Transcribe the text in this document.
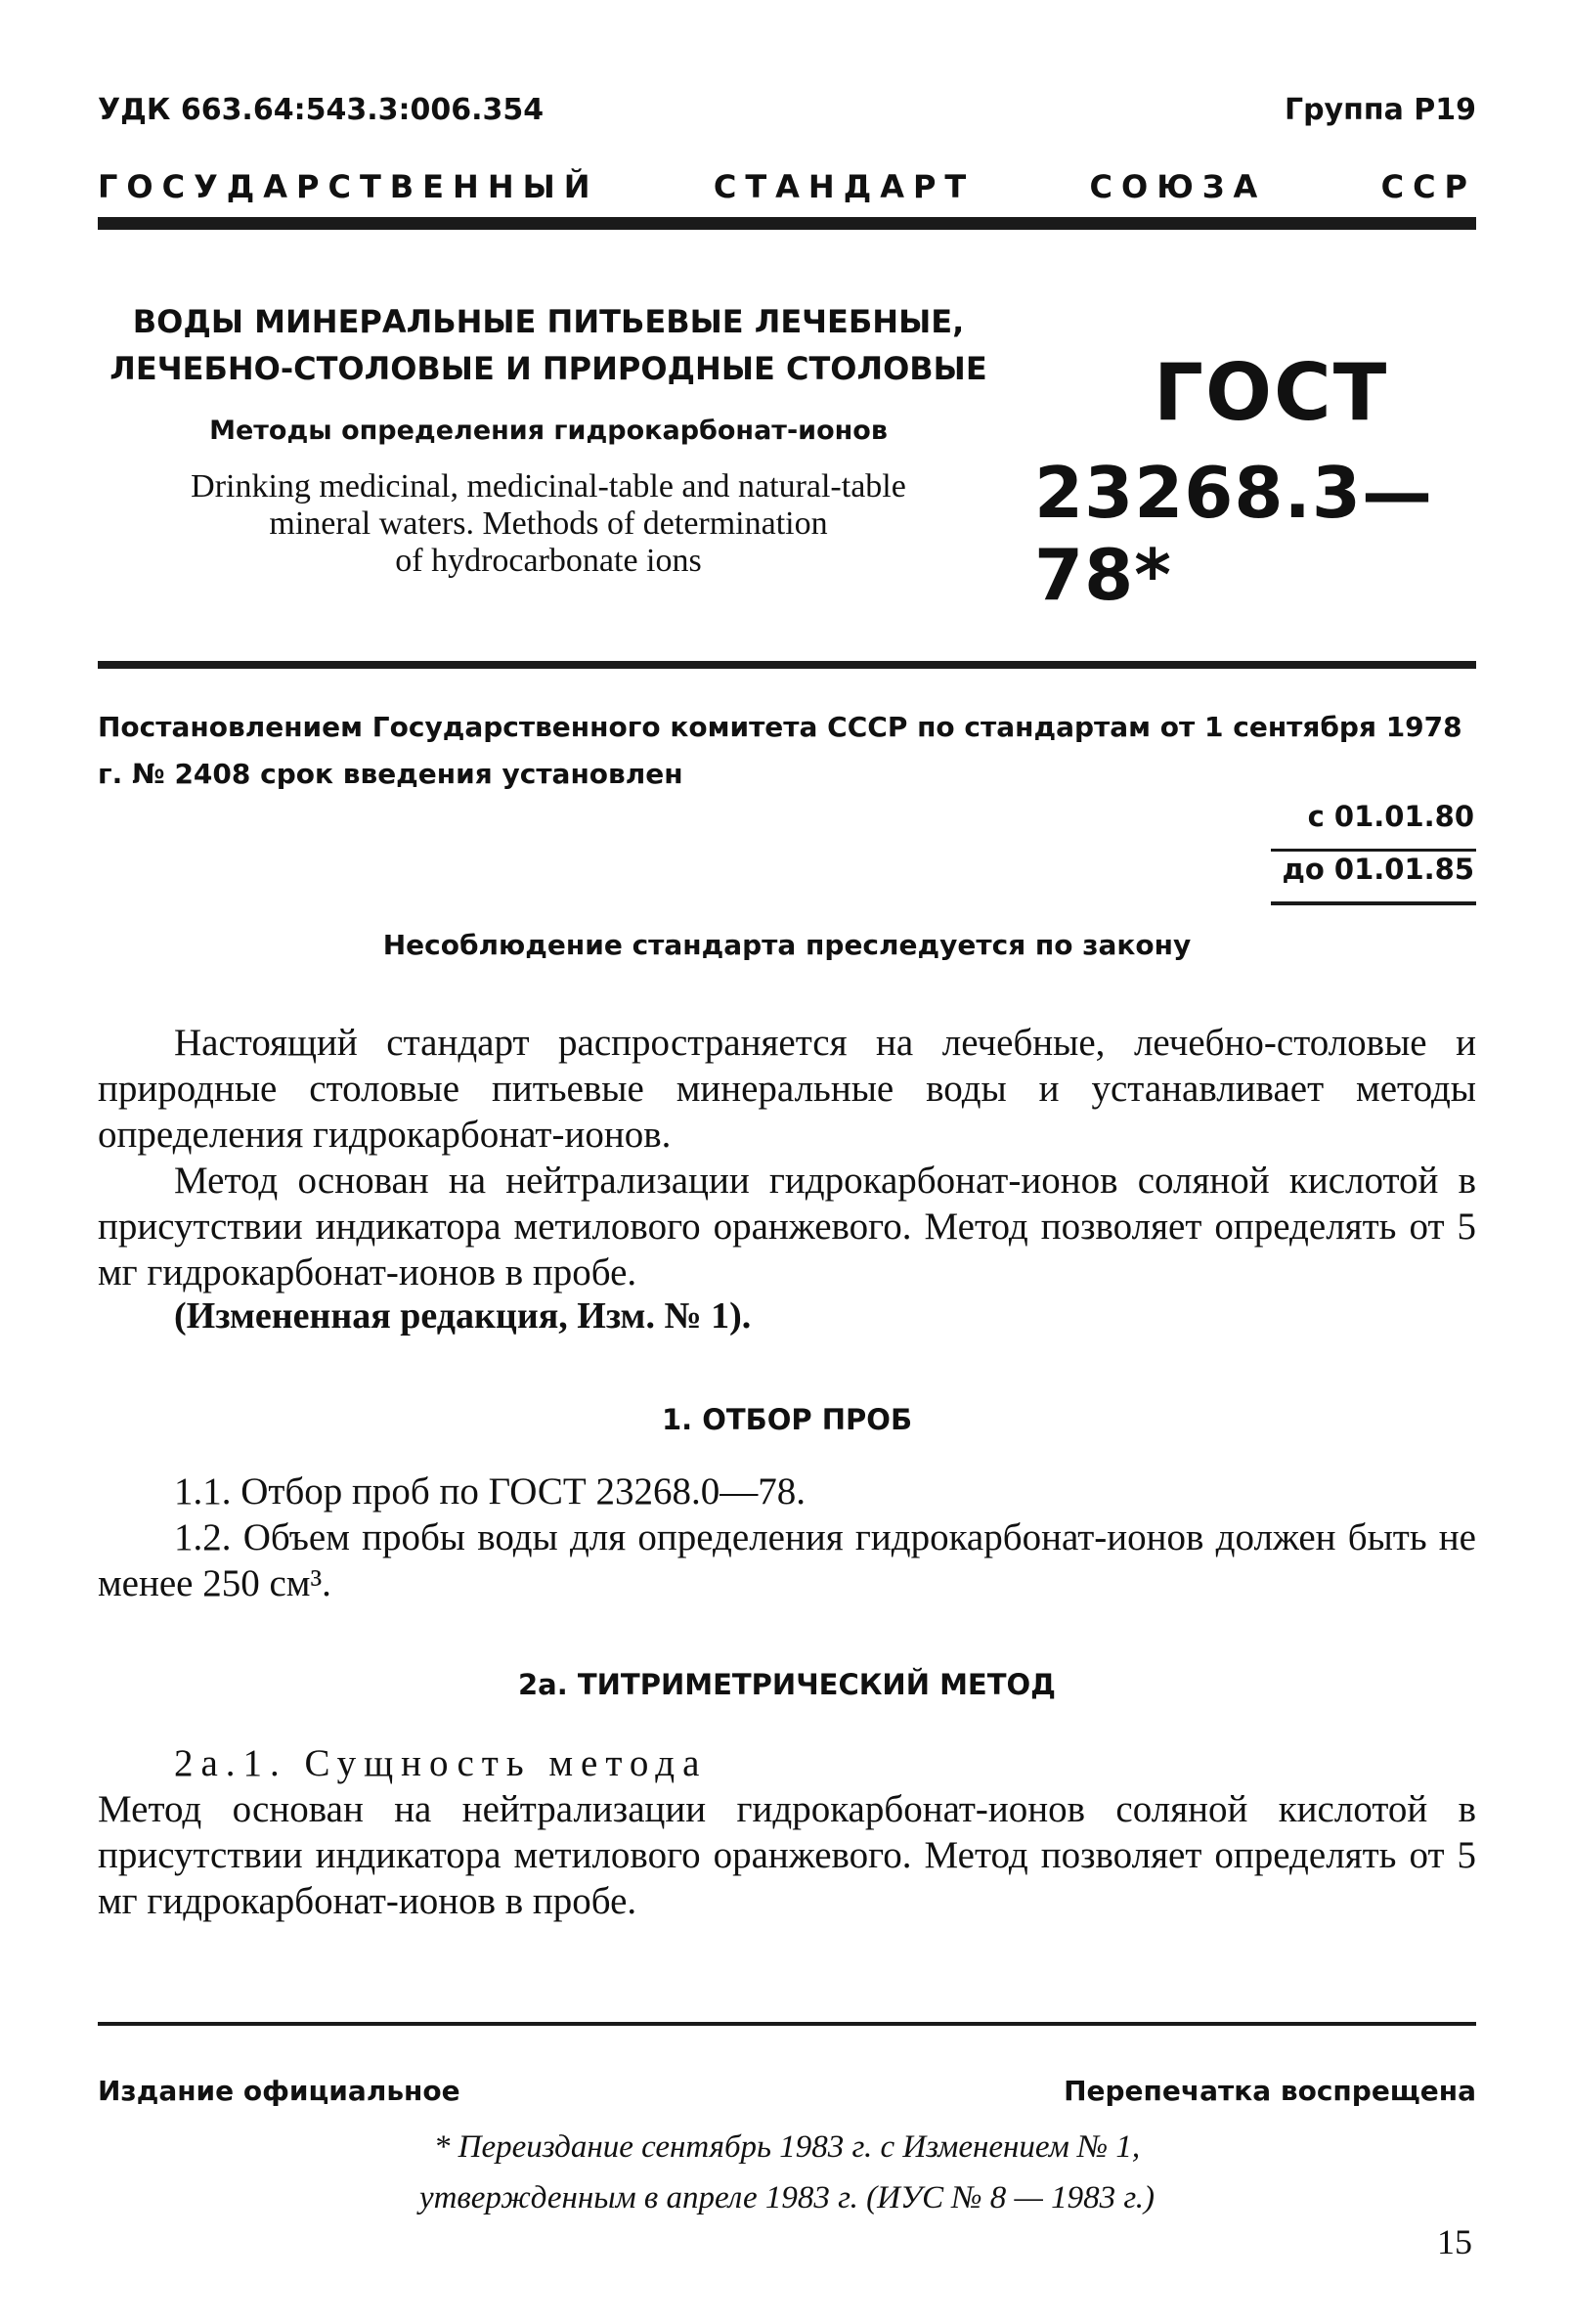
УДК 663.64:543.3:006.354	Группа Р19
ГОСУДАРСТВЕННЫЙ	СТАНДАРТ	СОЮЗА	ССР
ВОДЫ МИНЕРАЛЬНЫЕ ПИТЬЕВЫЕ ЛЕЧЕБНЫЕ,
ЛЕЧЕБНО-СТОЛОВЫЕ И ПРИРОДНЫЕ СТОЛОВЫЕ
Методы определения гидрокарбонат-ионов
Drinking medicinal, medicinal-table and natural-table
mineral waters. Methods of determination
of hydrocarbonate ions
ГОСТ
23268.3—78*
Постановлением Государственного комитета СССР по стандартам от 1 сентября 1978 г. № 2408 срок введения установлен
с 01.01.80
до 01.01.85
Несоблюдение стандарта преследуется по закону
Настоящий стандарт распространяется на лечебные, лечебно-столовые и природные столовые питьевые минеральные воды и устанавливает методы определения гидрокарбонат-ионов.
Метод основан на нейтрализации гидрокарбонат-ионов соляной кислотой в присутствии индикатора метилового оранжевого. Метод позволяет определять от 5 мг гидрокарбонат-ионов в пробе.
(Измененная редакция, Изм. № 1).
1. ОТБОР ПРОБ
1.1. Отбор проб по ГОСТ 23268.0—78.
1.2. Объем пробы воды для определения гидрокарбонат-ионов должен быть не менее 250 см³.
2а. ТИТРИМЕТРИЧЕСКИЙ МЕТОД
2а.1. Сущность метода
Метод основан на нейтрализации гидрокарбонат-ионов соляной кислотой в присутствии индикатора метилового оранжевого. Метод позволяет определять от 5 мг гидрокарбонат-ионов в пробе.
Издание официальное	Перепечатка воспрещена
* Переиздание сентябрь 1983 г. с Изменением № 1,
утвержденным в апреле 1983 г. (ИУС № 8 — 1983 г.)
15
